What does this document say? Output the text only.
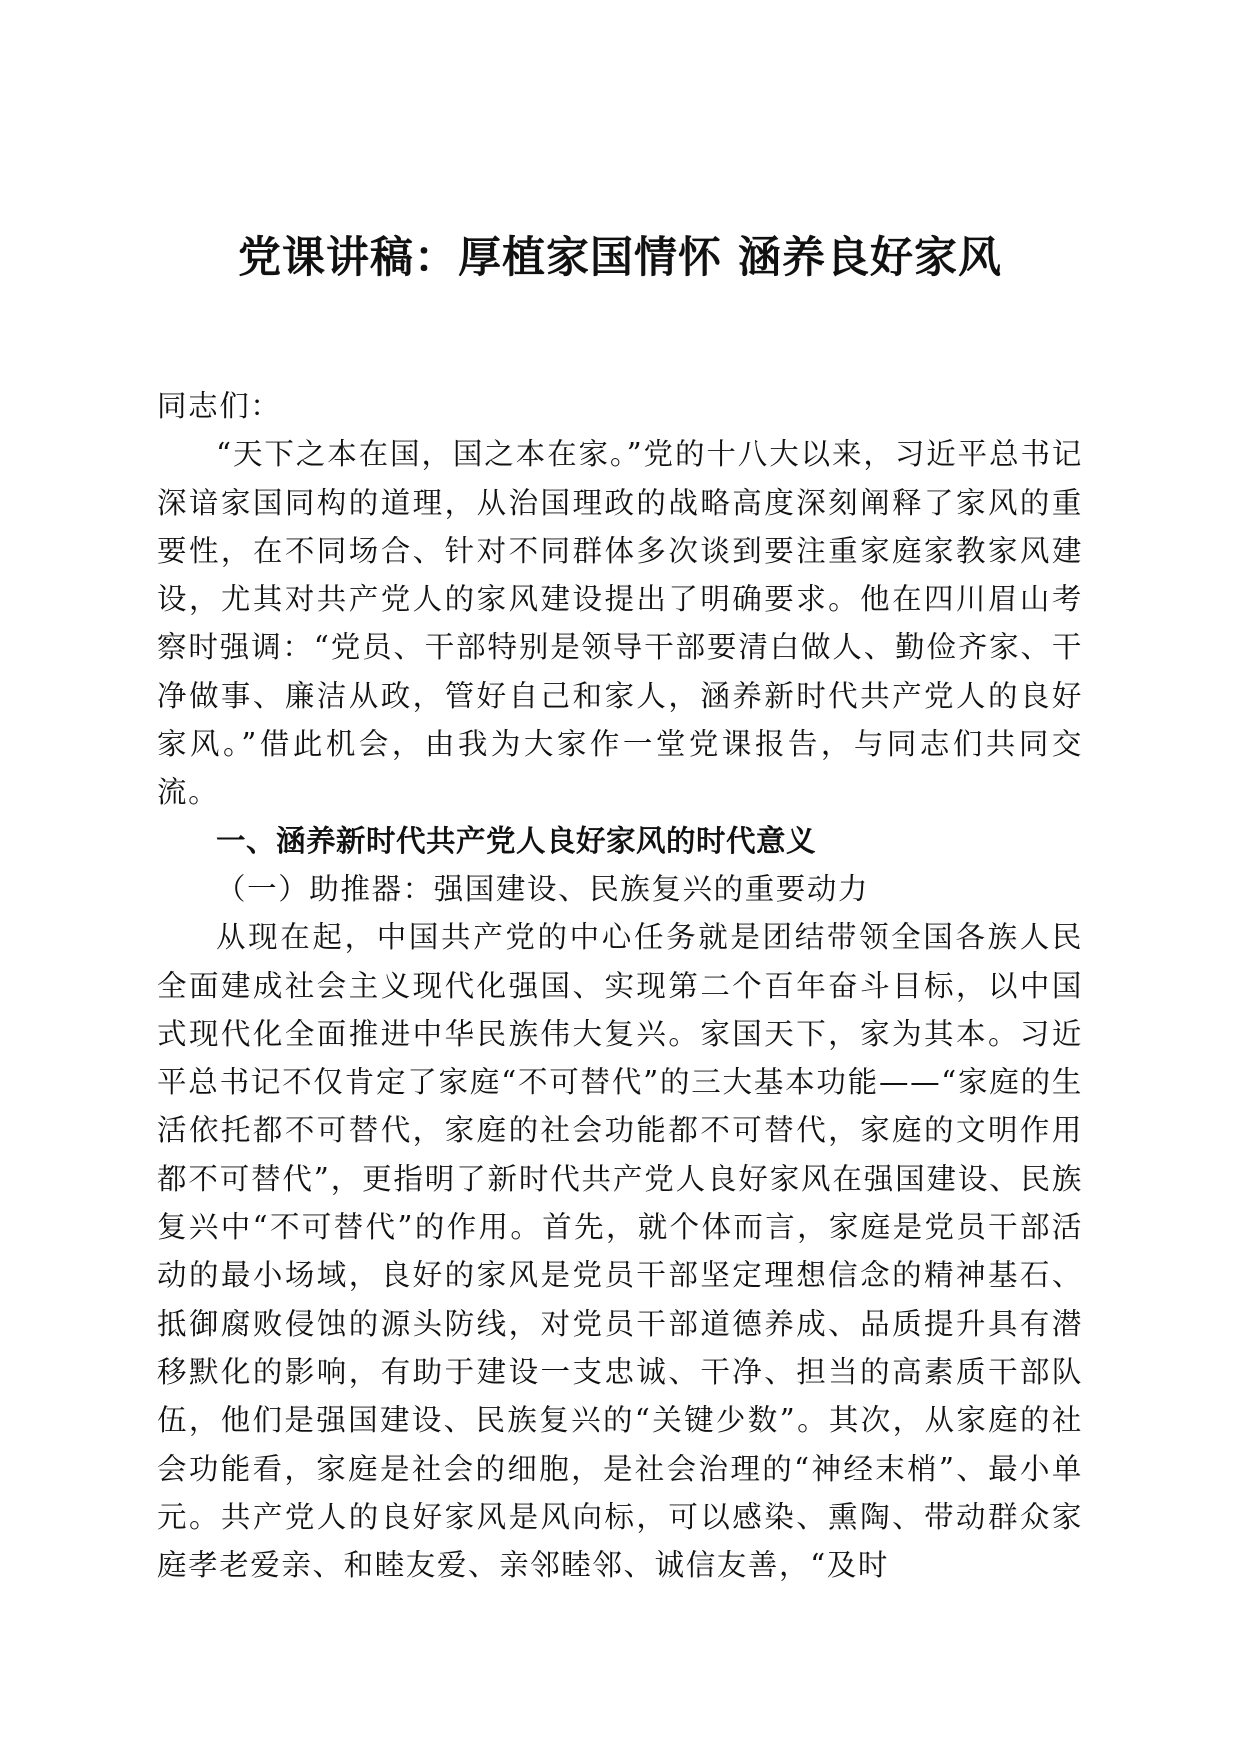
党课讲稿：厚植家国情怀 涵养良好家风

同志们：

“天下之本在国，国之本在家。”党的十八大以来，习近平总书记深谙家国同构的道理，从治国理政的战略高度深刻阐释了家风的重要性，在不同场合、针对不同群体多次谈到要注重家庭家教家风建设，尤其对共产党人的家风建设提出了明确要求。他在四川眉山考察时强调：“党员、干部特别是领导干部要清白做人、勤俭齐家、干净做事、廉洁从政，管好自己和家人，涵养新时代共产党人的良好家风。”借此机会，由我为大家作一堂党课报告，与同志们共同交流。

一、涵养新时代共产党人良好家风的时代意义

（一）助推器：强国建设、民族复兴的重要动力

从现在起，中国共产党的中心任务就是团结带领全国各族人民全面建成社会主义现代化强国、实现第二个百年奋斗目标，以中国式现代化全面推进中华民族伟大复兴。家国天下，家为其本。习近平总书记不仅肯定了家庭“不可替代”的三大基本功能——“家庭的生活依托都不可替代，家庭的社会功能都不可替代，家庭的文明作用都不可替代”，更指明了新时代共产党人良好家风在强国建设、民族复兴中“不可替代”的作用。首先，就个体而言，家庭是党员干部活动的最小场域，良好的家风是党员干部坚定理想信念的精神基石、抵御腐败侵蚀的源头防线，对党员干部道德养成、品质提升具有潜移默化的影响，有助于建设一支忠诚、干净、担当的高素质干部队伍，他们是强国建设、民族复兴的“关键少数”。其次，从家庭的社会功能看，家庭是社会的细胞，是社会治理的“神经末梢”、最小单元。共产党人的良好家风是风向标，可以感染、熏陶、带动群众家庭孝老爱亲、和睦友爱、亲邻睦邻、诚信友善，“及时
